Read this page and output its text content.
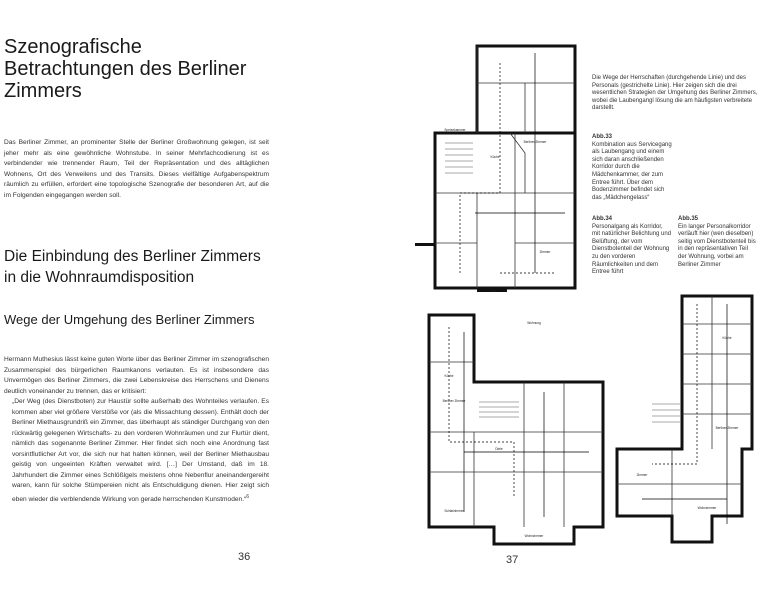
Szenografische Betrachtungen des Berliner Zimmers
Das Berliner Zimmer, an prominenter Stelle der Berliner Großwohnung gelegen, ist seit jeher mehr als eine gewöhnliche Wohnstube. In seiner Mehrfachcodierung ist es verbindender wie trennender Raum, Teil der Repräsentation und des alltäglichen Wohnens, Ort des Verweilens und des Transits. Dieses vielfältige Aufgabenspektrum räumlich zu erfüllen, erfordert eine topologische Szenografie der besonderen Art, auf die im Folgenden eingegangen werden soll.
Die Einbindung des Berliner Zimmers in die Wohnraumdisposition
Wege der Umgehung des Berliner Zimmers
Hermann Muthesius lässt keine guten Worte über das Berliner Zimmer im szenografischen Zusammenspiel des bürgerlichen Raumkanons verlauten. Es ist insbesondere das Unvermögen des Berliner Zimmers, die zwei Lebenskreise des Herrschens und Dienens deutlich voneinander zu trennen, das er kritisiert:
„Der Weg (des Dienstboten) zur Haustür sollte außerhalb des Wohnteiles verlaufen. Es kommen aber viel größere Verstöße vor (als die Missachtung dessen). Enthält doch der Berliner Miethausgrundriß ein Zimmer, das überhaupt als ständiger Durchgang von den rückwärtig gelegenen Wirtschafts- zu den vorderen Wohnräumen und zur Flurtür dient, nämlich das sogenannte Berliner Zimmer. Hier findet sich noch eine Anordnung fast vorsintflutlicher Art vor, die sich nur hat halten können, weil der Berliner Miethausbau geistig von ungeeinten Kräften verwaltet wird. […] Der Umstand, daß im 18. Jahrhundert die Zimmer eines Schlößlgels meistens ohne Nebenflur aneinandergereiht waren, kann für solche Stümpereien nicht als Entschuldigung dienen. Hier zeigt sich eben wieder die verblendende Wirkung von gerade herrschenden Kunstmoden.“$^6$
36	37
Die Wege der Herrschaften (durchgehende Linie) und des Personals (gestrichelte Linie). Hier zeigen sich die drei wesentlichen Strategien der Umgehung des Berliner Zimmers, wobei die Laubengangl lösung die am häufigsten verbreitete darstellt.
Abb.33
Kombination aus Servicegang als Laubengang und einem sich daran anschließenden Korridor durch die Mädchenkammer, der zum Entree führt. Über dem Bodenzimmer befindet sich das „Mädchengelass“
Abb.34
Personalgang als Korridor, mit natürlicher Belichtung und Belüftung, der vom Dienstbotenteil der Wohnung zu den vorderen Räumlichkeiten und dem Entree führt
Abb.35
Ein langer Personalkorridor verläuft hier (wen dieselben) seitig vom Dienstbotenteil bis in den repräsentativen Teil der Wohnung, vorbei am Berliner Zimmer
Berliner Zimmer
Speisekammer
Küche
Zimmer
Flur
Wohnung
Küche
Berliner Zimmer
Diele
Schlafzimmer
Wohnzimmer
Küche
Berliner Zimmer
Zimmer
Wohnzimmer
